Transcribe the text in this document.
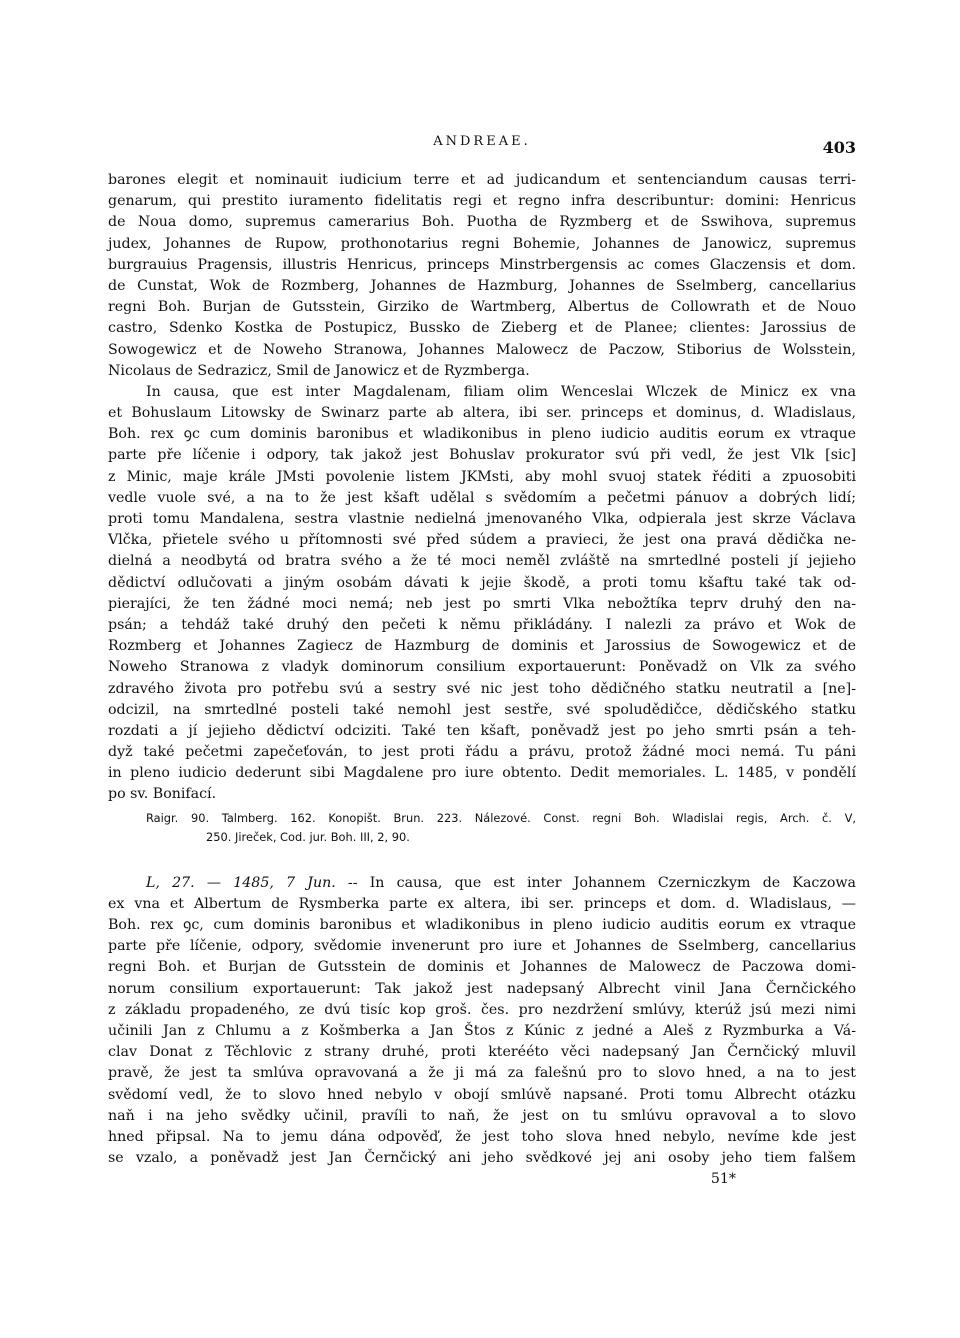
ANDREAE.	403
barones elegit et nominauit iudicium terre et ad judicandum et sentenciandum causas terri-
genarum, qui prestito iuramento fidelitatis regi et regno infra describuntur: domini: Henricus
de Noua domo, supremus camerarius Boh. Puotha de Ryzmberg et de Sswihova, supremus
judex, Johannes de Rupow, prothonotarius regni Bohemie, Johannes de Janowicz, supremus
burgrauius Pragensis, illustris Henricus, princeps Minstrbergensis ac comes Glaczensis et dom.
de Cunstat, Wok de Rozmberg, Johannes de Hazmburg, Johannes de Sselmberg, cancellarius
regni Boh. Burjan de Gutsstein, Girziko de Wartmberg, Albertus de Collowrath et de Nouo
castro, Sdenko Kostka de Postupicz, Bussko de Zieberg et de Planee; clientes: Jarossius de
Sowogewicz et de Noweho Stranowa, Johannes Malowecz de Paczow, Stiborius de Wolsstein,
Nicolaus de Sedrazicz, Smil de Janowicz et de Ryzmberga.
In causa, que est inter Magdalenam, filiam olim Wenceslai Wlczek de Minicz ex vna
et Bohuslaum Litowsky de Swinarz parte ab altera, ibi ser. princeps et dominus, d. Wladislaus,
Boh. rex ꝯc cum dominis baronibus et wladikonibus in pleno iudicio auditis eorum ex vtraque
parte pře líčenie i odpory, tak jakož jest Bohuslav prokurator svú při vedl, že jest Vlk [sic]
z Minic, maje krále JMsti povolenie listem JKMsti, aby mohl svuoj statek řéditi a zpuosobiti
vedle vuole své, a na to že jest kšaft udělal s svědomím a pečetmi pánuov a dobrých lidí;
proti tomu Mandalena, sestra vlastnie nedielná jmenovaného Vlka, odpierala jest skrze Václava
Vlčka, přietele svého u přítomnosti své před súdem a pravieci, že jest ona pravá dědička ne-
dielná a neodbytá od bratra svého a že té moci neměl zvláště na smrtedlné posteli jí jejieho
dědictví odlučovati a jiným osobám dávati k jejie škodě, a proti tomu kšaftu také tak od-
pierajíci, že ten žádné moci nemá; neb jest po smrti Vlka nebožtíka teprv druhý den na-
psán; a tehdáž také druhý den pečeti k němu přikládány. I nalezli za právo et Wok de
Rozmberg et Johannes Zagiecz de Hazmburg de dominis et Jarossius de Sowogewicz et de
Noweho Stranowa z vladyk dominorum consilium exportauerunt: Poněvadž on Vlk za svého
zdravého života pro potřebu svú a sestry své nic jest toho dědičného statku neutratil a [ne]-
odcizil, na smrtedlné posteli také nemohl jest sestře, své spoludědičce, dědičského statku
rozdati a jí jejieho dědictví odciziti. Také ten kšaft, poněvadž jest po jeho smrti psán a teh-
dyž také pečetmi zapečeťován, to jest proti řádu a právu, protož žádné moci nemá. Tu páni
in pleno iudicio dederunt sibi Magdalene pro iure obtento. Dedit memoriales. L. 1485, v pondělí
po sv. Bonifací.
Raigr. 90. Talmberg. 162. Konopišt. Brun. 223. Nálezové. Const. regni Boh. Wladislai regis, Arch. č. V,
250. Jireček, Cod. jur. Boh. III, 2, 90.
L, 27. — 1485, 7 Jun. -- In causa, que est inter Johannem Czerniczkym de Kaczowa
ex vna et Albertum de Rysmberka parte ex altera, ibi ser. princeps et dom. d. Wladislaus, —
Boh. rex ꝯc, cum dominis baronibus et wladikonibus in pleno iudicio auditis eorum ex vtraque
parte pře líčenie, odpory, svědomie invenerunt pro iure et Johannes de Sselmberg, cancellarius
regni Boh. et Burjan de Gutsstein de dominis et Johannes de Malowecz de Paczowa domi-
norum consilium exportauerunt: Tak jakož jest nadepsaný Albrecht vinil Jana Černčického
z základu propadeného, ze dvú tisíc kop groš. čes. pro nezdržení smlúvy, kterúž jsú mezi nimi
učinili Jan z Chlumu a z Košmberka a Jan Štos z Kúnic z jedné a Aleš z Ryzmburka a Vá-
clav Donat z Těchlovic z strany druhé, proti kterééto věci nadepsaný Jan Černčický mluvil
pravě, že jest ta smlúva opravovaná a že ji má za falešnú pro to slovo hned, a na to jest
svědomí vedl, že to slovo hned nebylo v obojí smlúvě napsané. Proti tomu Albrecht otázku
naň i na jeho svědky učinil, pravíli to naň, že jest on tu smlúvu opravoval a to slovo
hned připsal. Na to jemu dána odpověď, že jest toho slova hned nebylo, nevíme kde jest
se vzalo, a poněvadž jest Jan Černčický ani jeho svědkové jej ani osoby jeho tiem falšem
51*
